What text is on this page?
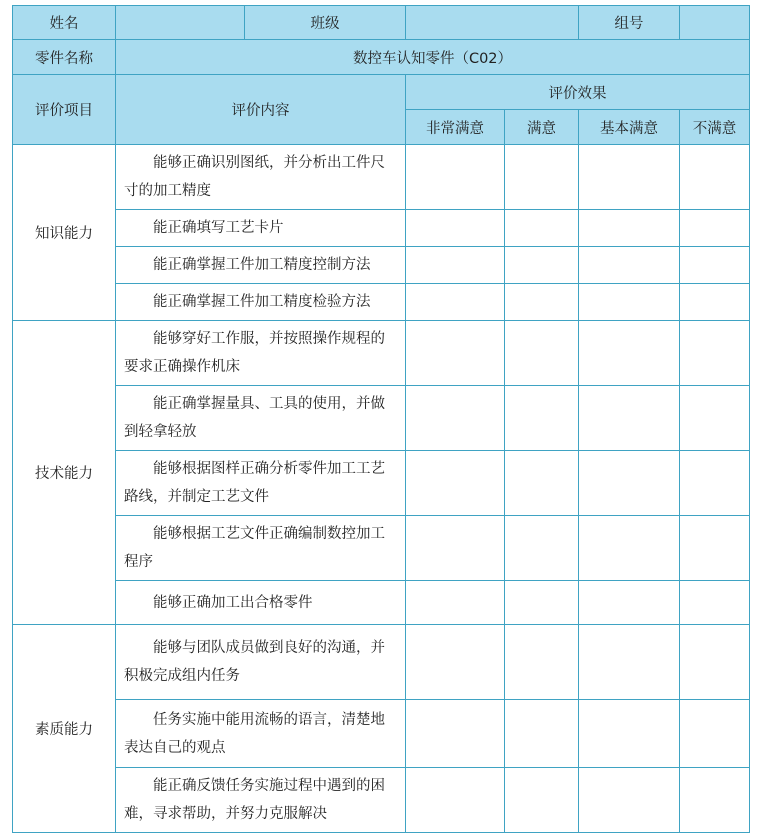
姓名		班级			组号	
零件名称	数控车认知零件（C02）					
评价项目	评价内容		评价效果			
			非常满意	满意	基本满意	不满意
知识能力	能够正确识别图纸，并分析出工件尺寸的加工精度					
	能正确填写工艺卡片					
	能正确掌握工件加工精度控制方法					
	能正确掌握工件加工精度检验方法					
技术能力	能够穿好工作服，并按照操作规程的要求正确操作机床					
	能正确掌握量具、工具的使用，并做到轻拿轻放					
	能够根据图样正确分析零件加工工艺路线，并制定工艺文件					
	能够根据工艺文件正确编制数控加工程序					
	能够正确加工出合格零件					
素质能力	能够与团队成员做到良好的沟通，并积极完成组内任务					
	任务实施中能用流畅的语言，清楚地表达自己的观点					
	能正确反馈任务实施过程中遇到的困难，寻求帮助，并努力克服解决					
